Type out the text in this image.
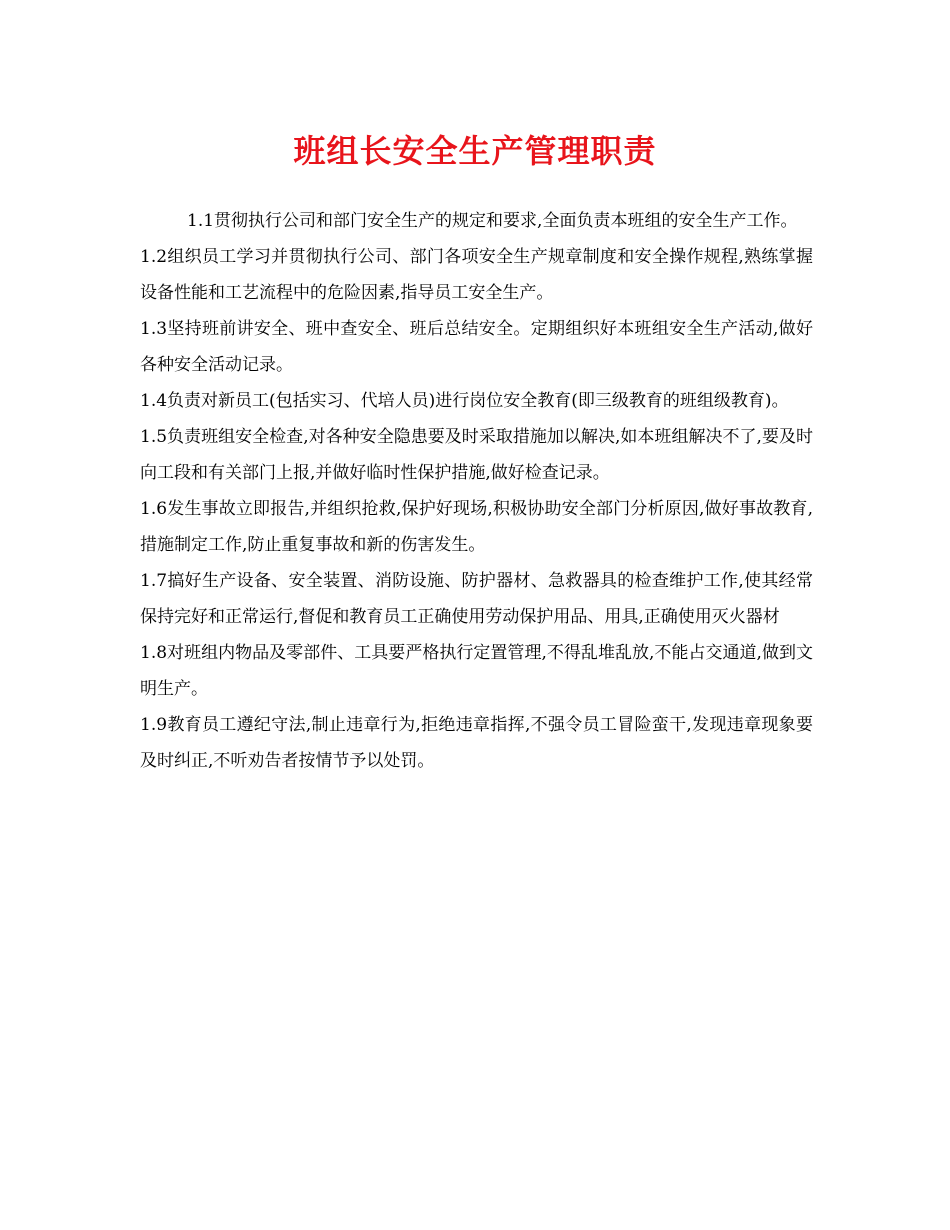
班组长安全生产管理职责

1.1贯彻执行公司和部门安全生产的规定和要求,全面负责本班组的安全生产工作。

1.2组织员工学习并贯彻执行公司、部门各项安全生产规章制度和安全操作规程,熟练掌握设备性能和工艺流程中的危险因素,指导员工安全生产。

1.3坚持班前讲安全、班中查安全、班后总结安全。定期组织好本班组安全生产活动,做好各种安全活动记录。

1.4负责对新员工(包括实习、代培人员)进行岗位安全教育(即三级教育的班组级教育)。

1.5负责班组安全检查,对各种安全隐患要及时采取措施加以解决,如本班组解决不了,要及时向工段和有关部门上报,并做好临时性保护措施,做好检查记录。

1.6发生事故立即报告,并组织抢救,保护好现场,积极协助安全部门分析原因,做好事故教育,措施制定工作,防止重复事故和新的伤害发生。

1.7搞好生产设备、安全装置、消防设施、防护器材、急救器具的检查维护工作,使其经常保持完好和正常运行,督促和教育员工正确使用劳动保护用品、用具,正确使用灭火器材

1.8对班组内物品及零部件、工具要严格执行定置管理,不得乱堆乱放,不能占交通道,做到文明生产。

1.9教育员工遵纪守法,制止违章行为,拒绝违章指挥,不强令员工冒险蛮干,发现违章现象要及时纠正,不听劝告者按情节予以处罚。
